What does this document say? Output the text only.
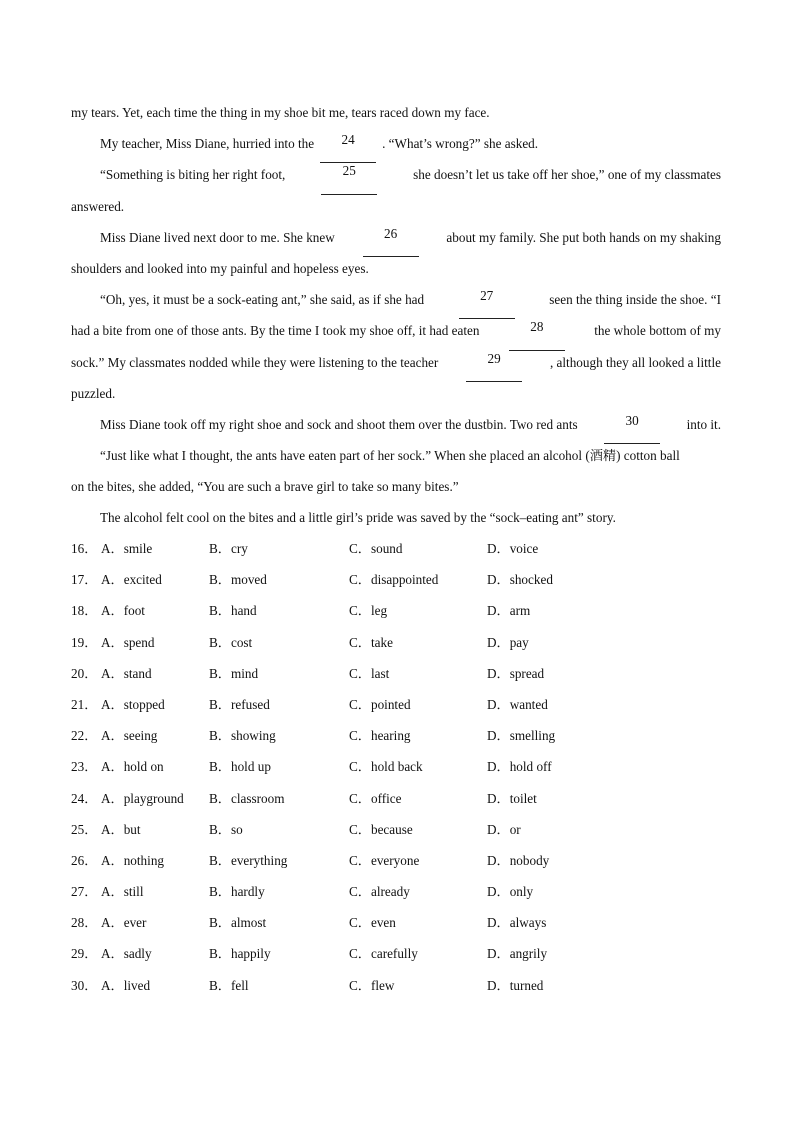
my tears. Yet, each time the thing in my shoe bit me, tears raced down my face.
My teacher, Miss Diane, hurried into the	24	. “What’s wrong?” she asked.
“Something is biting her right foot,	25	she doesn’t let us take off her shoe,” one of my classmates
answered.
Miss Diane lived next door to me. She knew	26	about my family. She put both hands on my shaking
shoulders and looked into my painful and hopeless eyes.
“Oh, yes, it must be a sock-eating ant,” she said, as if she had	27	seen the thing inside the shoe. “I
had a bite from one of those ants. By the time I took my shoe off, it had eaten	28	the whole bottom of my
sock.” My classmates nodded while they were listening to the teacher	29	, although they all looked a little
puzzled.
Miss Diane took off my right shoe and sock and shoot them over the dustbin. Two red ants	30	into it.
“Just like what I thought, the ants have eaten part of her sock.” When she placed an alcohol (酒精) cotton ball
on the bites, she added, “You are such a brave girl to take so many bites.”
The alcohol felt cool on the bites and a little girl’s pride was saved by the “sock–eating ant” story.
16． A．smile	B．cry	C．sound	D．voice
17． A．excited	B．moved	C．disappointed	D．shocked
18． A．foot	B．hand	C．leg	D．arm
19． A．spend	B．cost	C．take	D．pay
20． A．stand	B．mind	C．last	D．spread
21． A．stopped	B．refused	C．pointed	D．wanted
22． A．seeing	B．showing	C．hearing	D．smelling
23． A．hold on	B．hold up	C．hold back	D．hold off
24． A．playground B．classroom	C．office	D．toilet
25． A．but	B．so	C．because	D．or
26． A．nothing	B．everything	C．everyone	D．nobody
27． A．still	B．hardly	C．already	D．only
28． A．ever	B．almost	C．even	D．always
29． A．sadly	B．happily	C．carefully	D．angrily
30． A．lived	B．fell	C．flew	D．turned
